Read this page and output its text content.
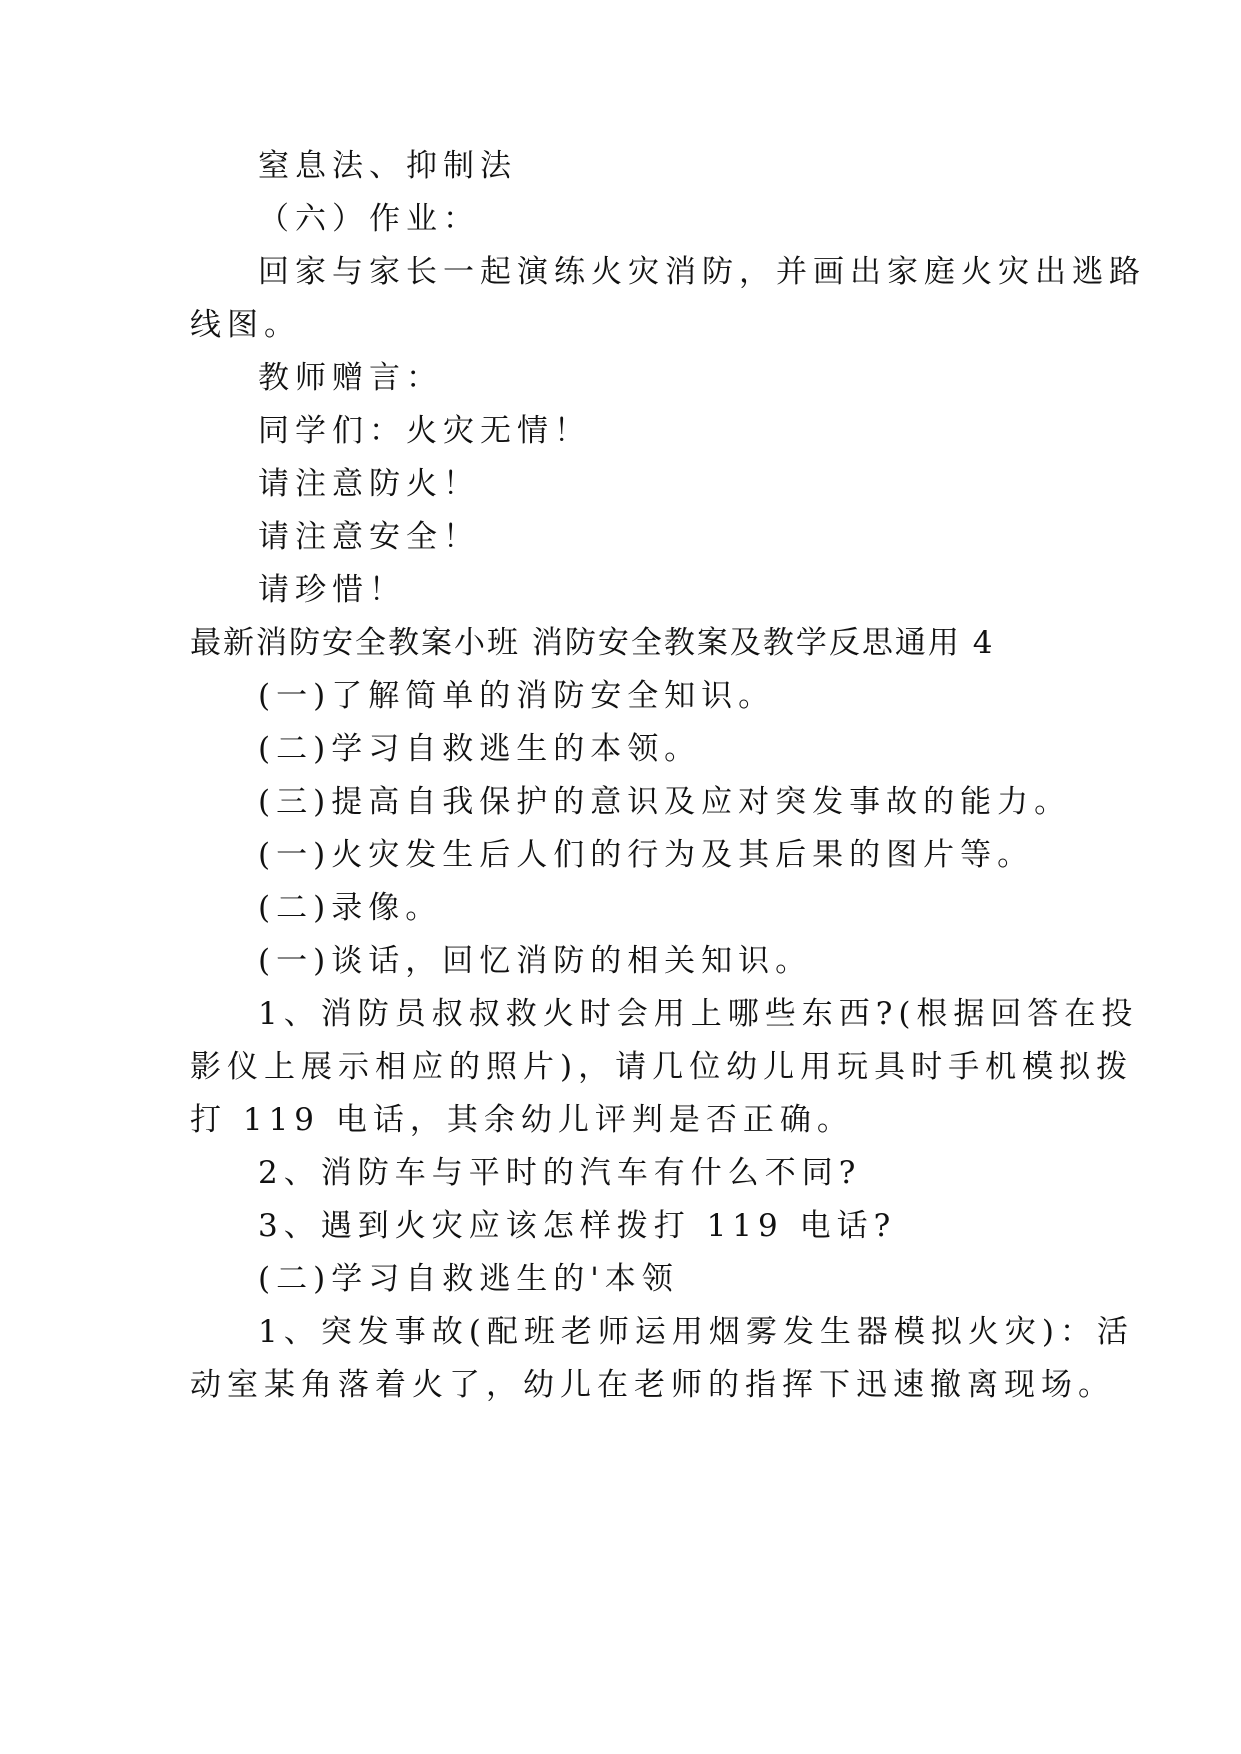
窒息法、抑制法
（六）作业：
回家与家长一起演练火灾消防，并画出家庭火灾出逃路
线图。
教师赠言：
同学们：火灾无情！
请注意防火！
请注意安全！
请珍惜！
最新消防安全教案小班 消防安全教案及教学反思通用 4
(一)了解简单的消防安全知识。
(二)学习自救逃生的本领。
(三)提高自我保护的意识及应对突发事故的能力。
(一)火灾发生后人们的行为及其后果的图片等。
(二)录像。
(一)谈话，回忆消防的相关知识。
1、消防员叔叔救火时会用上哪些东西?(根据回答在投
影仪上展示相应的照片)，请几位幼儿用玩具时手机模拟拨
打 119 电话，其余幼儿评判是否正确。
2、消防车与平时的汽车有什么不同?
3、遇到火灾应该怎样拨打 119 电话?
(二)学习自救逃生的'本领
1、突发事故(配班老师运用烟雾发生器模拟火灾)：活
动室某角落着火了，幼儿在老师的指挥下迅速撤离现场。
